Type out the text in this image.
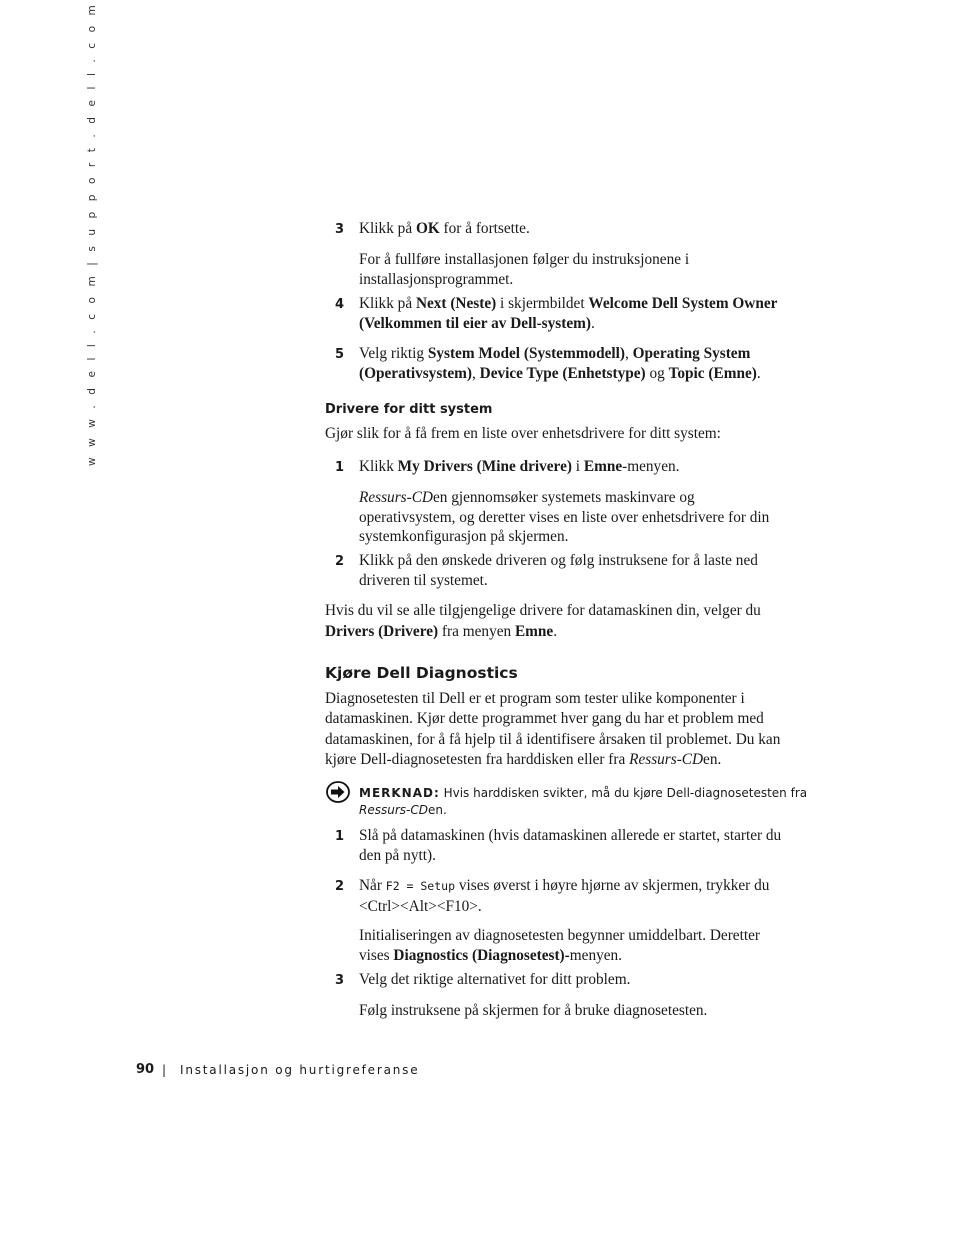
w w w . d e l l . c o m | s u p p o r t . d e l l . c o m	3 Klikk på OK for å fortsette.
For å fullføre installasjonen følger du instruksjonene i
installasjonsprogrammet.
4 Klikk på Next (Neste) i skjermbildet Welcome Dell System Owner
(Velkommen til eier av Dell-system).
5 Velg riktig System Model (Systemmodell), Operating System
(Operativsystem), Device Type (Enhetstype) og Topic (Emne).
Drivere for ditt system
Gjør slik for å få frem en liste over enhetsdrivere for ditt system:
1 Klikk My Drivers (Mine drivere) i Emne-menyen.
Ressurs-CDen gjennomsøker systemets maskinvare og
operativsystem, og deretter vises en liste over enhetsdrivere for din
systemkonfigurasjon på skjermen.
2 Klikk på den ønskede driveren og følg instruksene for å laste ned
driveren til systemet.
Hvis du vil se alle tilgjengelige drivere for datamaskinen din, velger du
Drivers (Drivere) fra menyen Emne.
Kjøre Dell Diagnostics
Diagnosetesten til Dell er et program som tester ulike komponenter i
datamaskinen. Kjør dette programmet hver gang du har et problem med
datamaskinen, for å få hjelp til å identifisere årsaken til problemet. Du kan
kjøre Dell-diagnosetesten fra harddisken eller fra Ressurs-CDen.
MERKNAD: Hvis harddisken svikter, må du kjøre Dell-diagnosetesten fra
Ressurs-CDen.
1 Slå på datamaskinen (hvis datamaskinen allerede er startet, starter du
den på nytt).
2 Når F2 = Setup vises øverst i høyre hjørne av skjermen, trykker du
<Ctrl><Alt><F10>.
Initialiseringen av diagnosetesten begynner umiddelbart. Deretter
vises Diagnostics (Diagnosetest)-menyen.
3 Velg det riktige alternativet for ditt problem.
Følg instruksene på skjermen for å bruke diagnosetesten.
90 | Installasjon og hurtigreferanse
